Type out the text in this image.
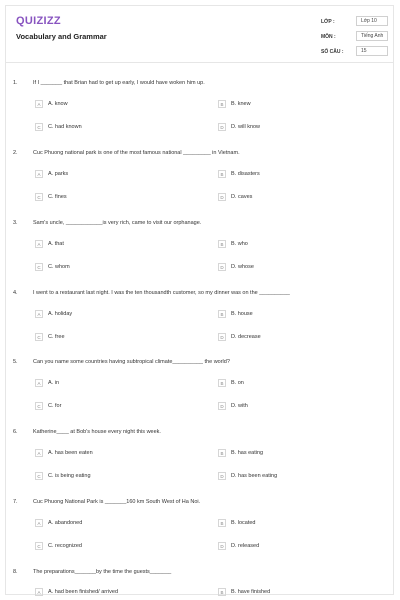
QUIZIZZ
Vocabulary and Grammar
LỚP :	Lớp 10
MÔN :	Tiếng Anh
SỐ CÂU :	15
1.	If I _______ that Brian had to get up early, I would have woken him up.
A	A. know	B	B. knew
C	C. had known	D	D. will know
2.	Cuc Phuong national park is one of the most famous national _________ in Vietnam.
A	A. parks	B	B. disasters
C	C. fines	D	D. caves
3.	Sam's uncle, ____________is very rich, came to visit our orphanage.
A	A. that	B	B. who
C	C. whom	D	D. whose
4.	I went to a restaurant last night. I was the ten thousandth customer, so my dinner was on the __________
A	A. holiday	B	B. house
C	C. free	D	D. decrease
5.	Can you name some countries having subtropical climate__________ the world?
A	A. in	B	B. on
C	C. for	D	D. with
6.	Katherine____ at Bob's house every night this week.
A	A. has been eaten	B	B. has eating
C	C. is being eating	D	D. has been eating
7.	Cuc Phuong National Park is _______160 km South West of Ha Noi.
A	A. abandoned	B	B. located
C	C. recognized	D	D. released
8.	The preparations_______by the time the guests_______
A	A. had been finished/ arrived	B	B. have finished
